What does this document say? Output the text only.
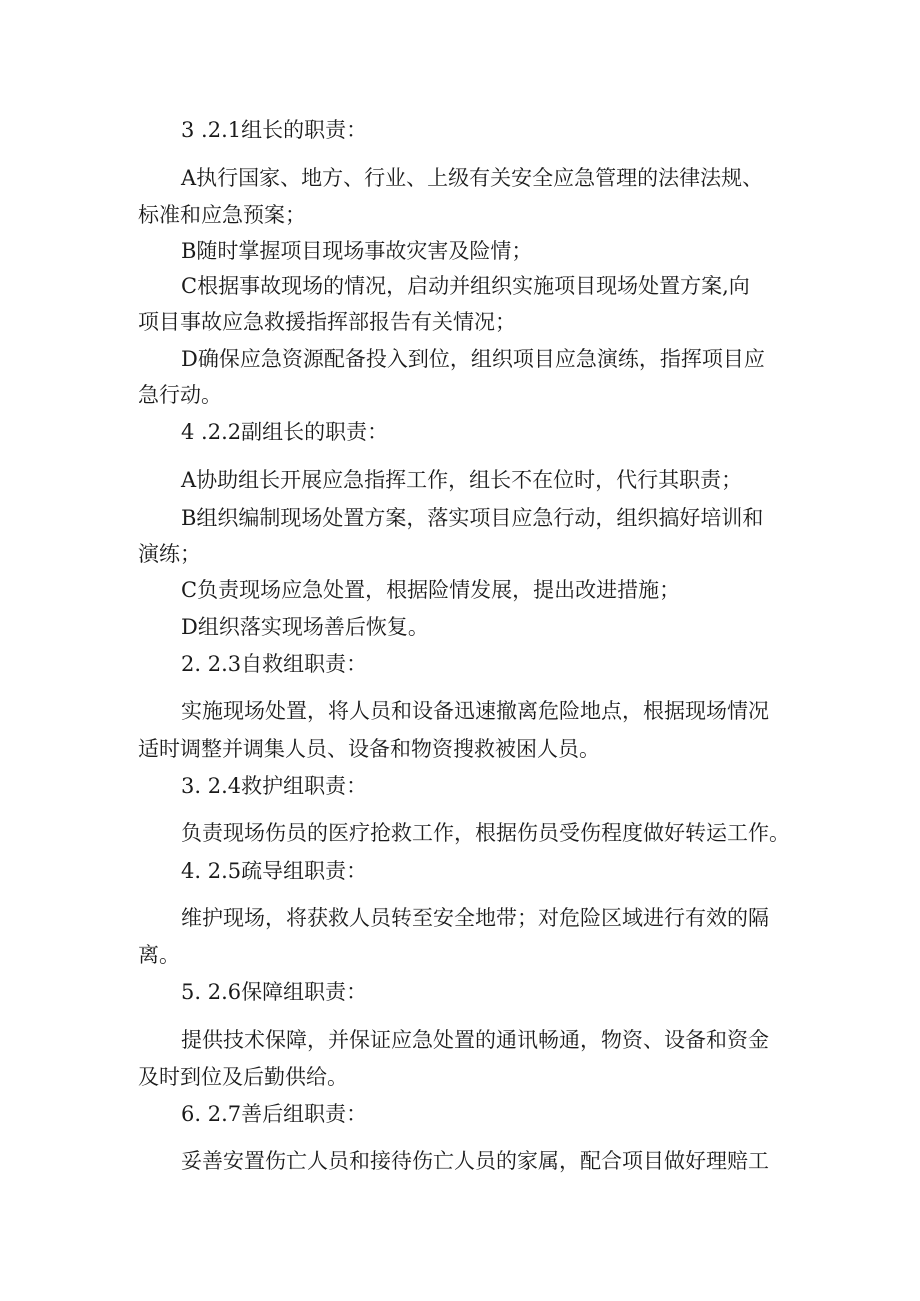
3 .2.1组长的职责：
A执行国家、地方、行业、上级有关安全应急管理的法律法规、
标准和应急预案；
B随时掌握项目现场事故灾害及险情；
C根据事故现场的情况，启动并组织实施项目现场处置方案,向
项目事故应急救援指挥部报告有关情况；
D确保应急资源配备投入到位，组织项目应急演练，指挥项目应
急行动。
4 .2.2副组长的职责：
A协助组长开展应急指挥工作，组长不在位时，代行其职责；
B组织编制现场处置方案，落实项目应急行动，组织搞好培训和
演练；
C负责现场应急处置，根据险情发展，提出改进措施；
D组织落实现场善后恢复。
2. 2.3自救组职责：
实施现场处置，将人员和设备迅速撤离危险地点，根据现场情况
适时调整并调集人员、设备和物资搜救被困人员。
3. 2.4救护组职责：
负责现场伤员的医疗抢救工作，根据伤员受伤程度做好转运工作。
4. 2.5疏导组职责：
维护现场，将获救人员转至安全地带；对危险区域进行有效的隔
离。
5. 2.6保障组职责：
提供技术保障，并保证应急处置的通讯畅通，物资、设备和资金
及时到位及后勤供给。
6. 2.7善后组职责：
妥善安置伤亡人员和接待伤亡人员的家属，配合项目做好理赔工
